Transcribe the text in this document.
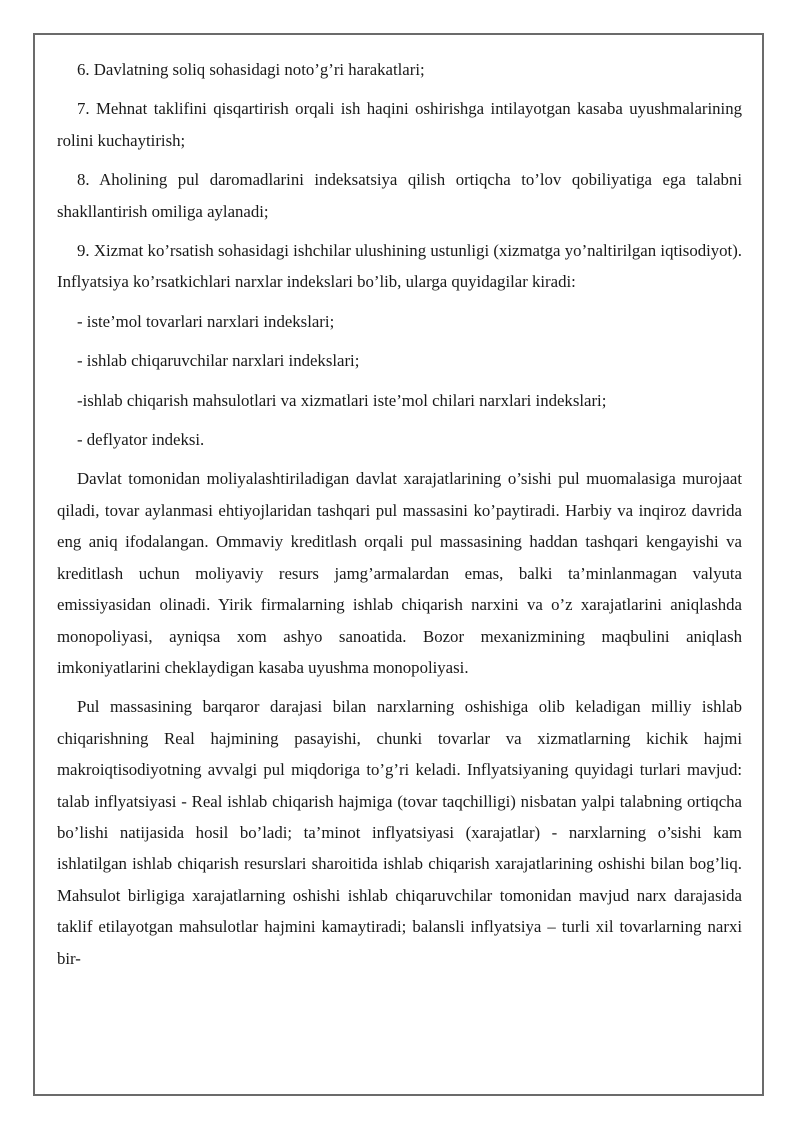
6. Davlatning soliq sohasidagi noto’g’ri harakatlari;

7. Mehnat taklifini qisqartirish orqali ish haqini oshirishga intilayotgan kasaba uyushmalarining rolini kuchaytirish;

8. Aholining pul daromadlarini indeksatsiya qilish ortiqcha to’lov qobiliyatiga ega talabni shakllantirish omiliga aylanadi;

9. Xizmat ko’rsatish sohasidagi ishchilar ulushining ustunligi (xizmatga yo’naltirilgan iqtisodiyot). Inflyatsiya ko’rsatkichlari narxlar indekslari bo’lib, ularga quyidagilar kiradi:

- iste’mol tovarlari narxlari indekslari;

- ishlab chiqaruvchilar narxlari indekslari;

-ishlab chiqarish mahsulotlari va xizmatlari iste’mol chilari narxlari indekslari;

- deflyator indeksi.

Davlat tomonidan moliyalashtiriladigan davlat xarajatlarining o’sishi pul muomalasiga murojaat qiladi, tovar aylanmasi ehtiyojlaridan tashqari pul massasini ko’paytiradi. Harbiy va inqiroz davrida eng aniq ifodalangan. Ommaviy kreditlash orqali pul massasining haddan tashqari kengayishi va kreditlash uchun moliyaviy resurs jamg’armalardan emas, balki ta’minlanmagan valyuta emissiyasidan olinadi. Yirik firmalarning ishlab chiqarish narxini va o’z xarajatlarini aniqlashda monopoliyasi, ayniqsa xom ashyo sanoatida. Bozor mexanizmining maqbulini aniqlash imkoniyatlarini cheklaydigan kasaba uyushma monopoliyasi.

Pul massasining barqaror darajasi bilan narxlarning oshishiga olib keladigan milliy ishlab chiqarishning Real hajmining pasayishi, chunki tovarlar va xizmatlarning kichik hajmi makroiqtisodiyotning avvalgi pul miqdoriga to’g’ri keladi. Inflyatsiyaning quyidagi turlari mavjud: talab inflyatsiyasi - Real ishlab chiqarish hajmiga (tovar taqchilligi) nisbatan yalpi talabning ortiqcha bo’lishi natijasida hosil bo’ladi; ta’minot inflyatsiyasi (xarajatlar) - narxlarning o’sishi kam ishlatilgan ishlab chiqarish resurslari sharoitida ishlab chiqarish xarajatlarining oshishi bilan bog’liq. Mahsulot birligiga xarajatlarning oshishi ishlab chiqaruvchilar tomonidan mavjud narx darajasida taklif etilayotgan mahsulotlar hajmini kamaytiradi; balansli inflyatsiya – turli xil tovarlarning narxi bir-
